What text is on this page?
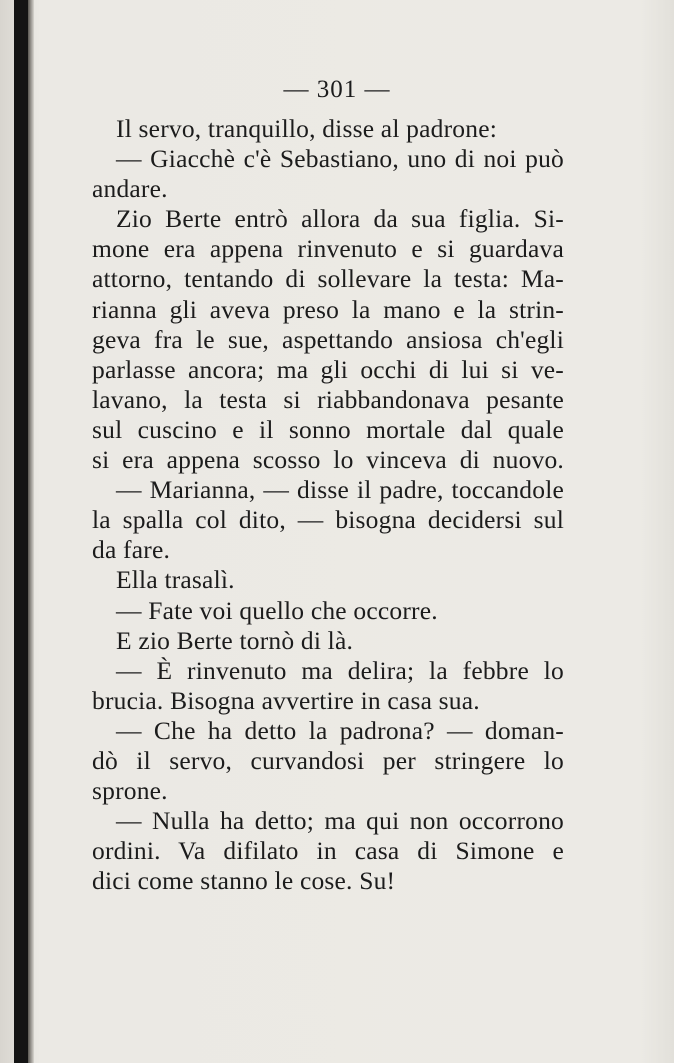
— 301 —
Il servo, tranquillo, disse al padrone:
— Giacchè c'è Sebastiano, uno di noi può
andare.
Zio Berte entrò allora da sua figlia. Si-
mone era appena rinvenuto e si guardava
attorno, tentando di sollevare la testa: Ma-
rianna gli aveva preso la mano e la strin-
geva fra le sue, aspettando ansiosa ch'egli
parlasse ancora; ma gli occhi di lui si ve-
lavano, la testa si riabbandonava pesante
sul cuscino e il sonno mortale dal quale
si era appena scosso lo vinceva di nuovo.
— Marianna, — disse il padre, toccandole
la spalla col dito, — bisogna decidersi sul
da fare.
Ella trasalì.
— Fate voi quello che occorre.
E zio Berte tornò di là.
— È rinvenuto ma delira; la febbre lo
brucia. Bisogna avvertire in casa sua.
— Che ha detto la padrona? — doman-
dò il servo, curvandosi per stringere lo
sprone.
— Nulla ha detto; ma qui non occorrono
ordini. Va difilato in casa di Simone e
dici come stanno le cose. Su!
